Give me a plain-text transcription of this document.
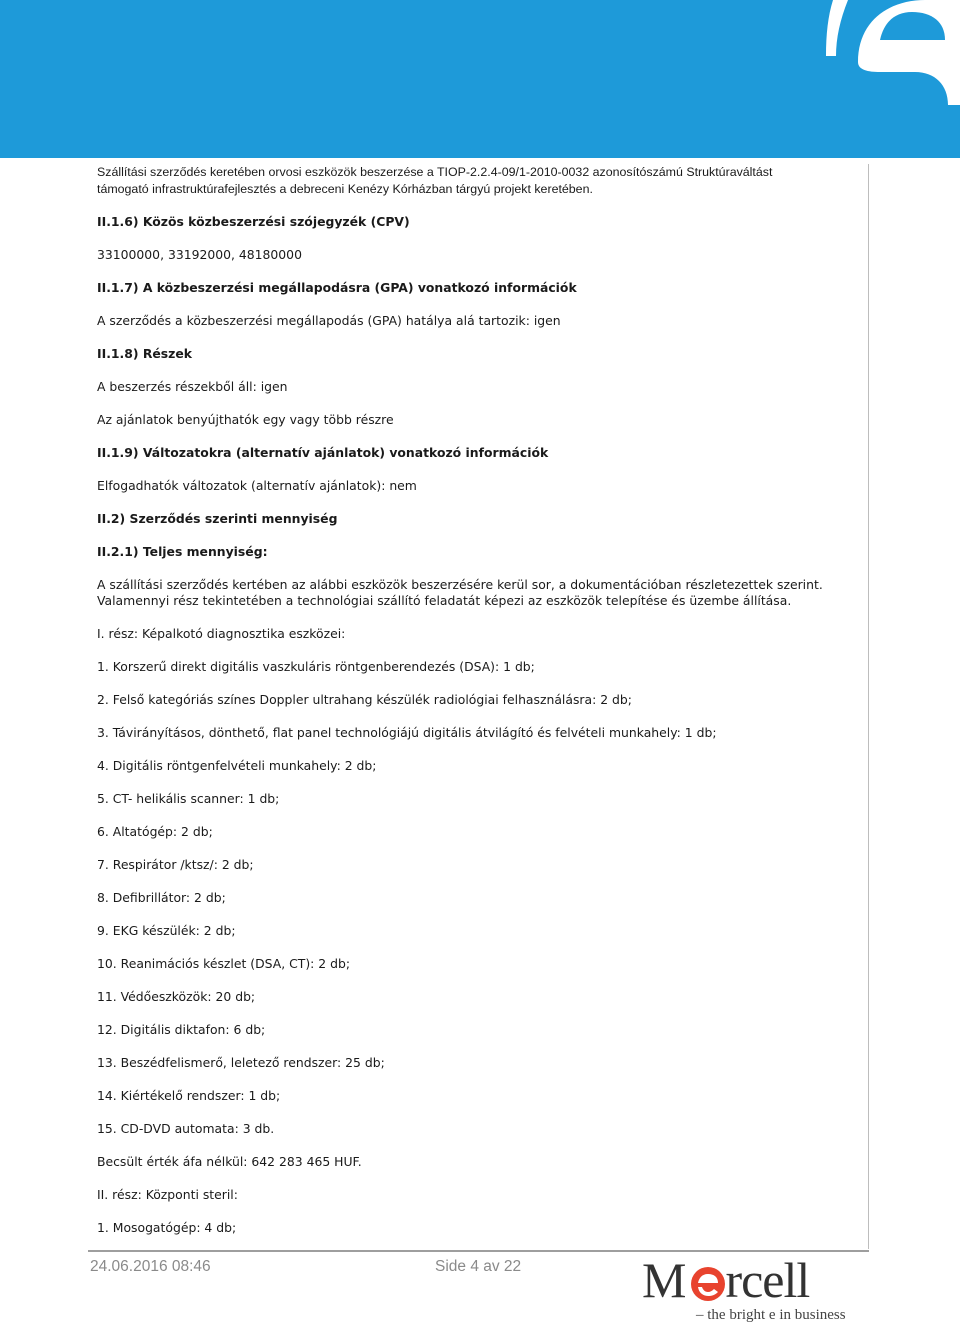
Szállítási szerződés keretében orvosi eszközök beszerzése a TIOP-2.2.4-09/1-2010-0032 azonosítószámú Struktúraváltást
támogató infrastruktúrafejlesztés a debreceni Kenézy Kórházban tárgyú projekt keretében.

II.1.6) Közös közbeszerzési szójegyzék (CPV)

33100000, 33192000, 48180000

II.1.7) A közbeszerzési megállapodásra (GPA) vonatkozó információk

A szerződés a közbeszerzési megállapodás (GPA) hatálya alá tartozik: igen

II.1.8) Részek

A beszerzés részekből áll: igen

Az ajánlatok benyújthatók egy vagy több részre

II.1.9) Változatokra (alternatív ajánlatok) vonatkozó információk

Elfogadhatók változatok (alternatív ajánlatok): nem

II.2) Szerződés szerinti mennyiség

II.2.1) Teljes mennyiség:

A szállítási szerződés kertében az alábbi eszközök beszerzésére kerül sor, a dokumentációban részletezettek szerint. Valamennyi rész tekintetében a technológiai szállító feladatát képezi az eszközök telepítése és üzembe állítása.

I. rész: Képalkotó diagnosztika eszközei:

1. Korszerű direkt digitális vaszkuláris röntgenberendezés (DSA): 1 db;

2. Felső kategóriás színes Doppler ultrahang készülék radiológiai felhasználásra: 2 db;

3. Távirányításos, dönthető, flat panel technológiájú digitális átvilágító és felvételi munkahely: 1 db;

4. Digitális röntgenfelvételi munkahely: 2 db;

5. CT- helikális scanner: 1 db;

6. Altatógép: 2 db;

7. Respirátor /ktsz/: 2 db;

8. Defibrillátor: 2 db;

9. EKG készülék: 2 db;

10. Reanimációs készlet (DSA, CT): 2 db;

11. Védőeszközök: 20 db;

12. Digitális diktafon: 6 db;

13. Beszédfelismerő, leletező rendszer: 25 db;

14. Kiértékelő rendszer: 1 db;

15. CD-DVD automata: 3 db.

Becsült érték áfa nélkül: 642 283 465 HUF.

II. rész: Központi steril:

1. Mosogatógép: 4 db;

24.06.2016 08:46	Side 4 av 22 M rcell
– the bright e in business
